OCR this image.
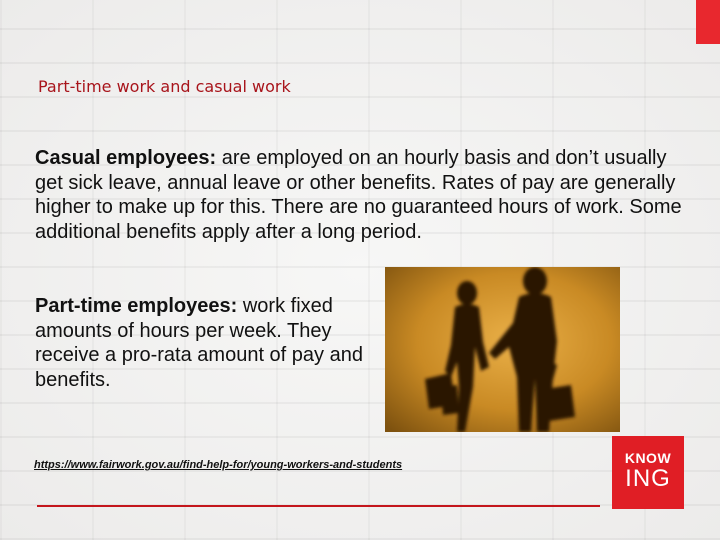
Part-time work and casual work

Casual employees: are employed on an hourly basis and don’t usually get sick leave, annual leave or other benefits. Rates of pay are generally higher to make up for this. There are no guaranteed hours of work. Some additional benefits apply after a long period.

Part-time employees: work fixed amounts of hours per week. They receive a pro-rata amount of pay and benefits.

https://www.fairwork.gov.au/find-help-for/young-workers-and-students	KNOW
ING
